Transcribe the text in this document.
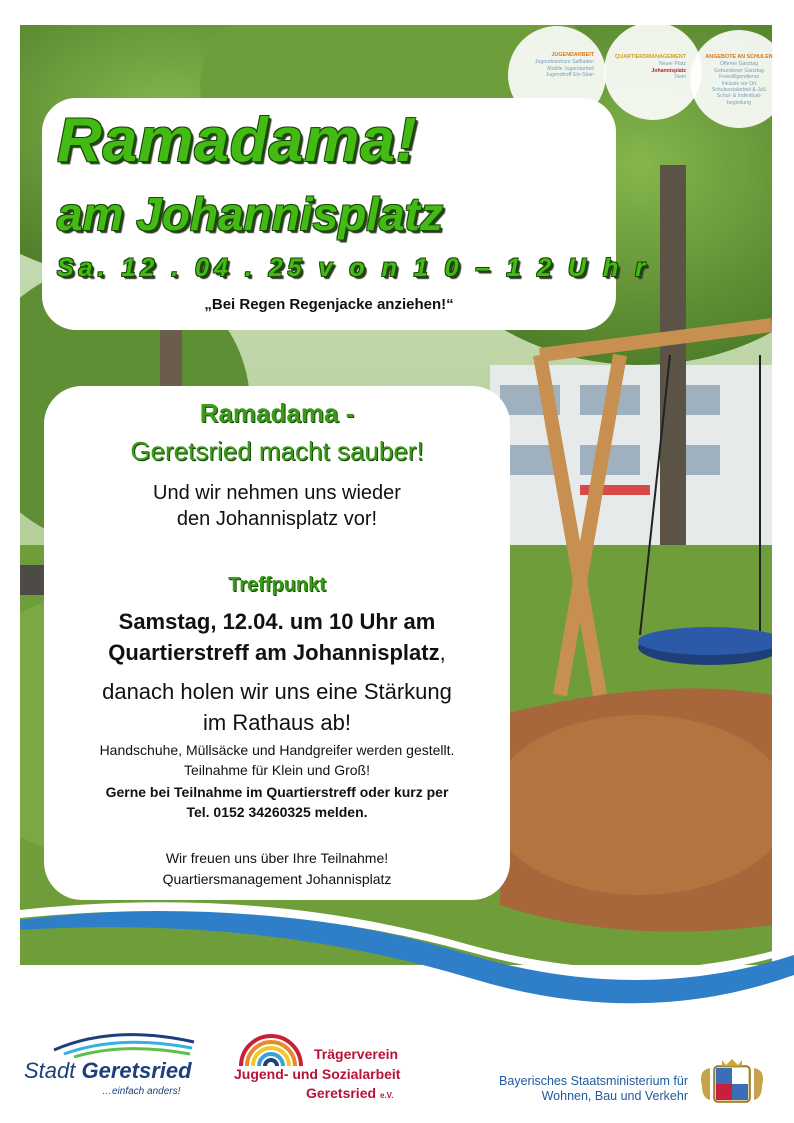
JUGENDARBEIT
Jugendzentrum Saftladen
Mobile Jugendarbeit
Jugendtreff Ein-Stein
QUARTIERSMANAGEMENT
Neuer Platz
Johannisplatz
Stein
ANGEBOTE AN SCHULEN
Offener Ganztag
Gebundener Ganztag
Freiwilligendienst
Inklusiv vor Ort
Schulsozialarbeit & JaS
Schul- & Individual-
begleitung
Ramadama!
am Johannisplatz
Sa. 12 . 04 . 25 v o n 1 0 – 1 2 U h r
„Bei Regen Regenjacke anziehen!“
Ramadama -
Geretsried macht sauber!
Und wir nehmen uns wieder
den Johannisplatz vor!
Treffpunkt
Samstag, 12.04. um 10 Uhr am
Quartierstreff am Johannisplatz,
danach holen wir uns eine Stärkung
im Rathaus ab!
Handschuhe, Müllsäcke und Handgreifer werden gestellt.
Teilnahme für Klein und Groß!
Gerne bei Teilnahme im Quartierstreff oder kurz per
Tel. 0152 34260325 melden.
Wir freuen uns über Ihre Teilnahme!
Quartiersmanagement Johannisplatz
Stadt Geretsried
…einfach anders!
Trägerverein
Jugend- und Sozialarbeit
Geretsried e.V.
Bayerisches Staatsministerium für
Wohnen, Bau und Verkehr
